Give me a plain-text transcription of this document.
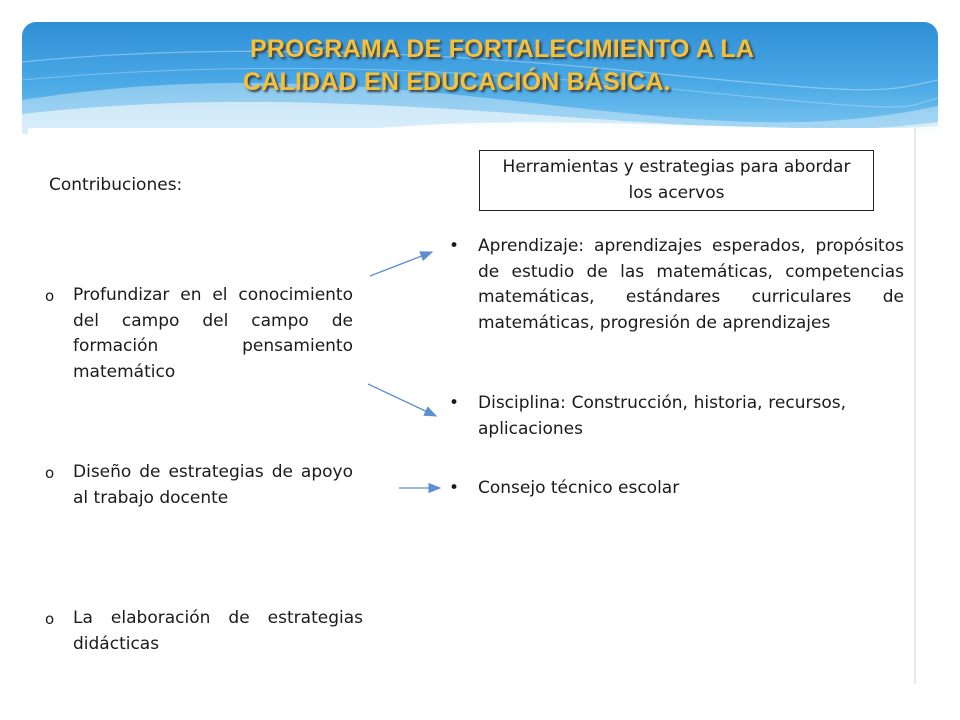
PROGRAMA DE FORTALECIMIENTO A LA
CALIDAD EN EDUCACIÓN BÁSICA.
Contribuciones:
o Profundizar en el conocimiento del campo del campo de formación pensamiento matemático
o Diseño de estrategias de apoyo al trabajo docente
o La elaboración de estrategias didácticas
Herramientas y estrategias para abordar los acervos
• Aprendizaje: aprendizajes esperados, propósitos de estudio de las matemáticas, competencias matemáticas, estándares curriculares de matemáticas, progresión de aprendizajes
• Disciplina: Construcción, historia, recursos, aplicaciones
• Consejo técnico escolar
